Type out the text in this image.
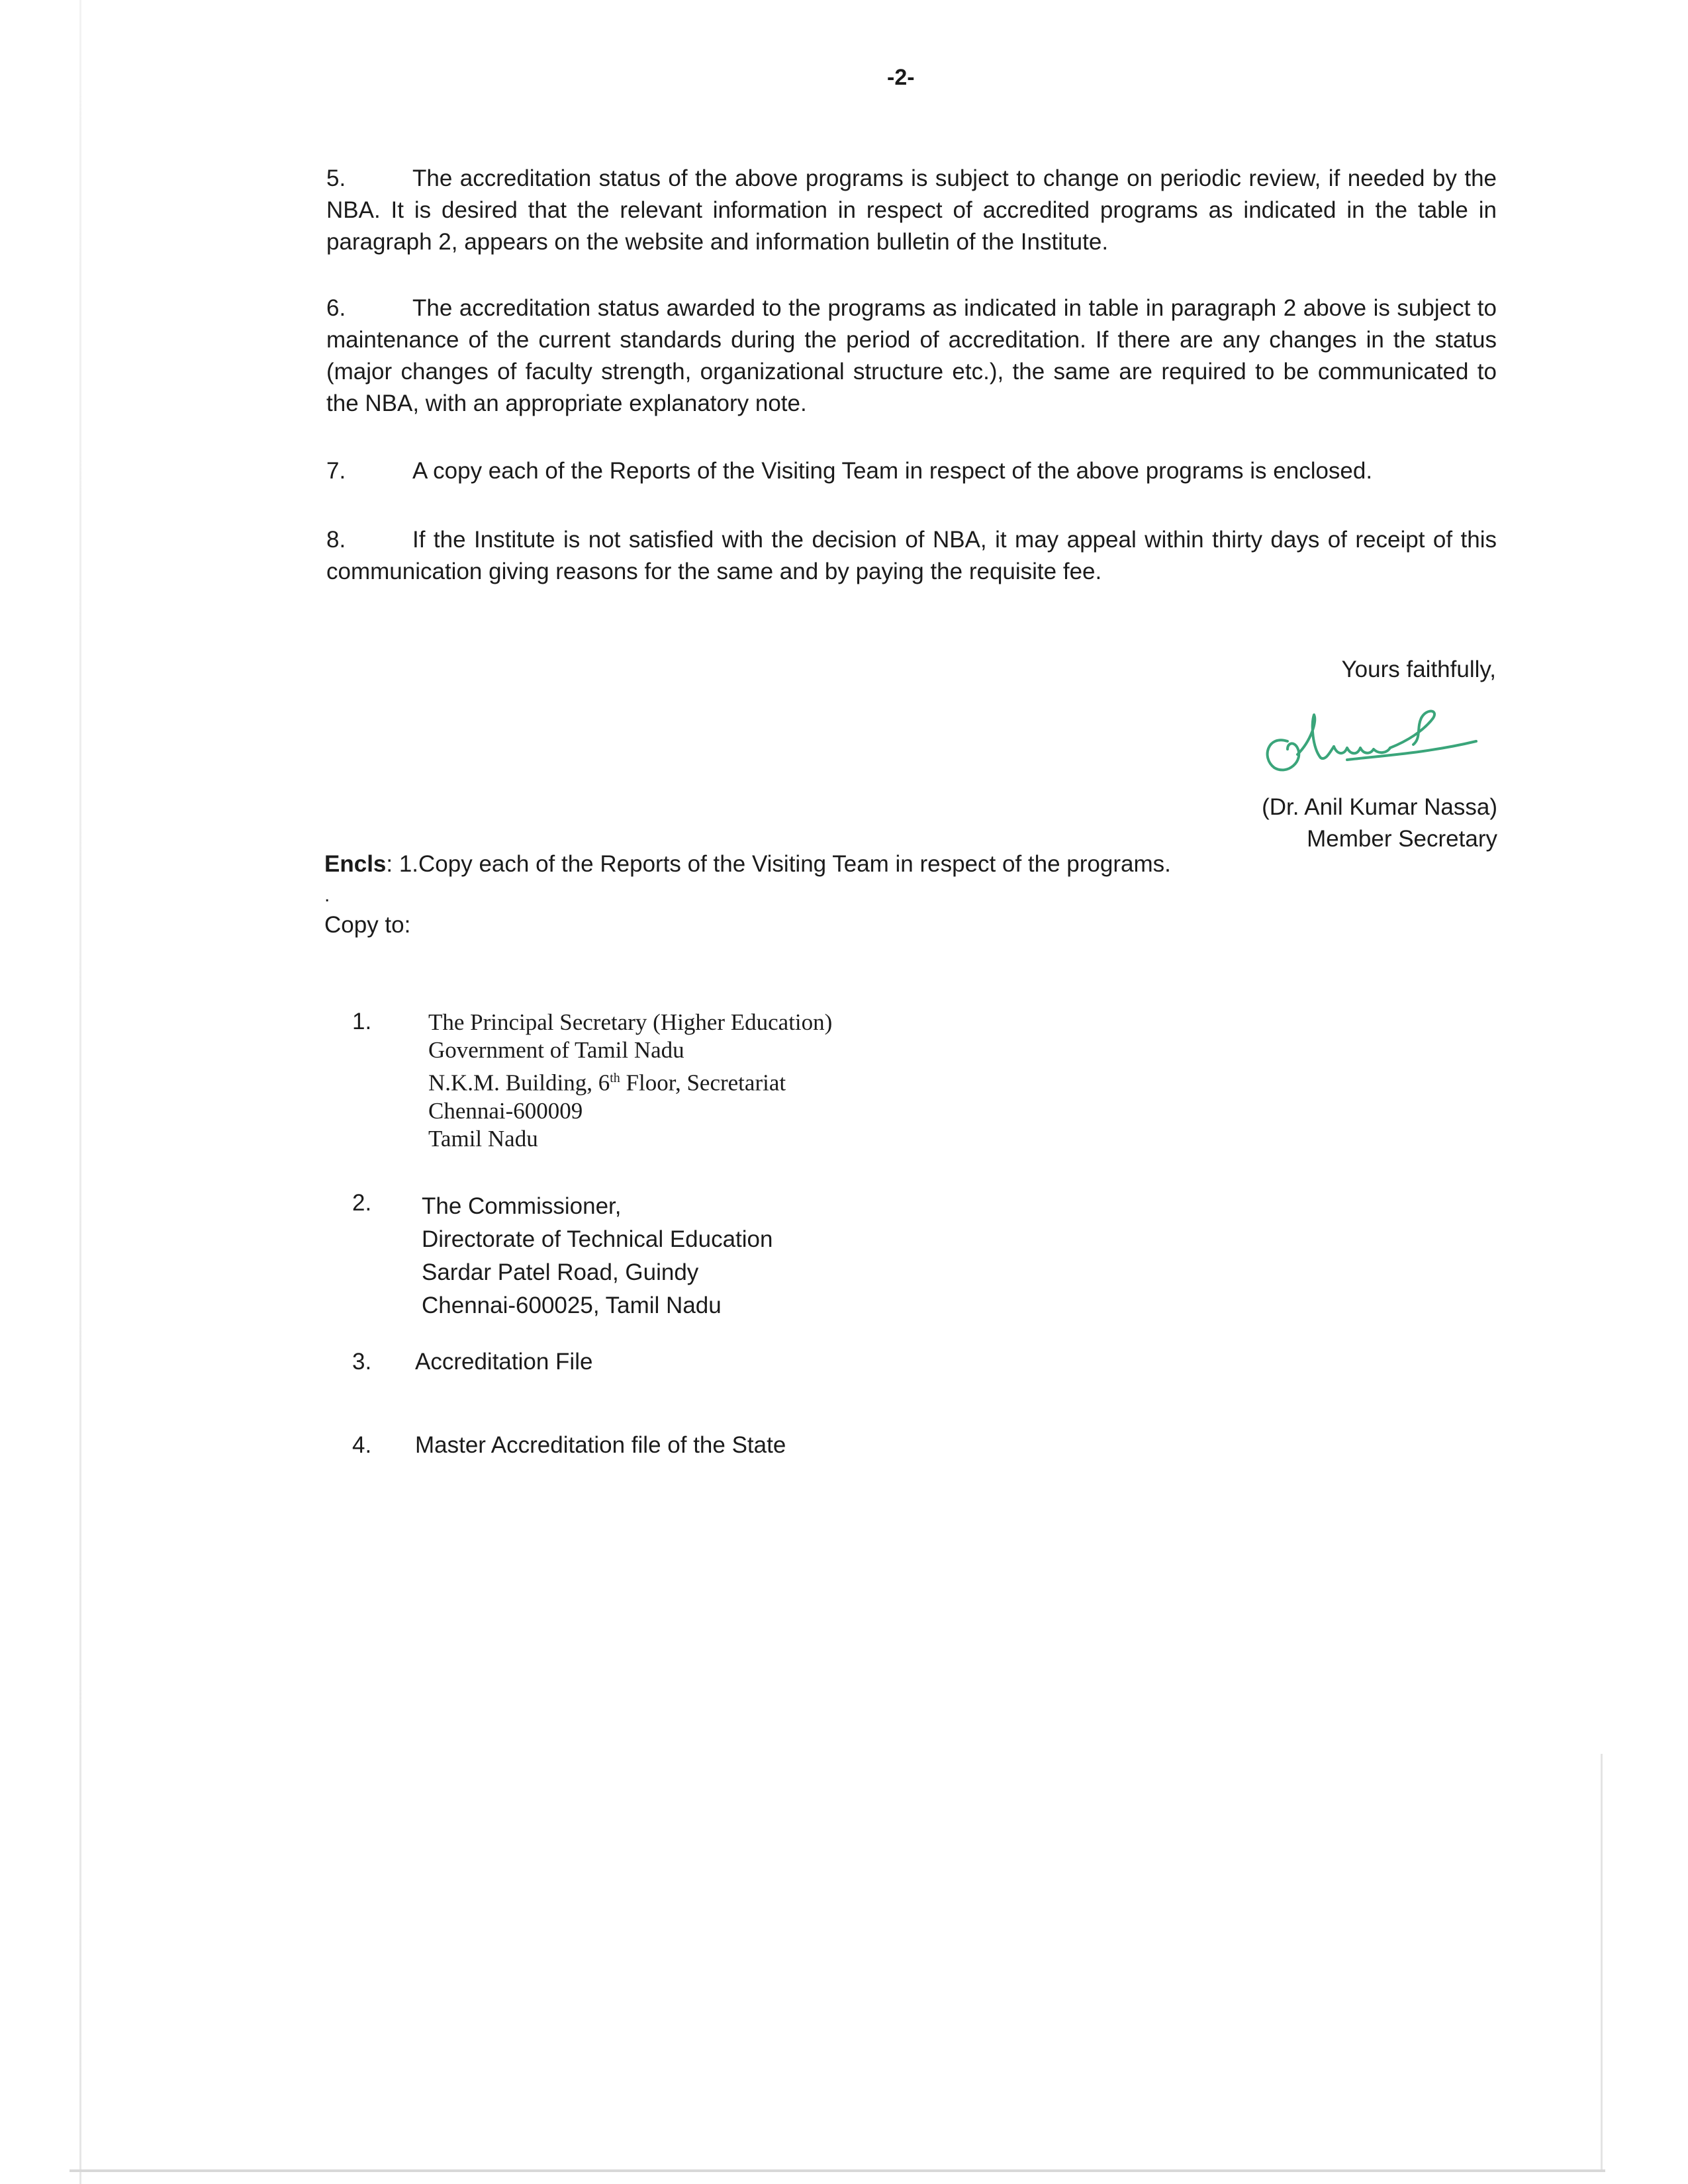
-2-

5.	The accreditation status of the above programs is subject to change on periodic review, if needed by the NBA. It is desired that the relevant information in respect of accredited programs as indicated in the table in paragraph 2, appears on the website and information bulletin of the Institute.

6.	The accreditation status awarded to the programs as indicated in table in paragraph 2 above is subject to maintenance of the current standards during the period of accreditation. If there are any changes in the status (major changes of faculty strength, organizational structure etc.), the same are required to be communicated to the NBA, with an appropriate explanatory note.

7.	A copy each of the Reports of the Visiting Team in respect of the above programs is enclosed.

8.	If the Institute is not satisfied with the decision of NBA, it may appeal within thirty days of receipt of this communication giving reasons for the same and by paying the requisite fee.

Yours faithfully,
(Dr. Anil Kumar Nassa)
Member Secretary
Encls: 1.Copy each of the Reports of the Visiting Team in respect of the programs.
.
Copy to:
1. The Principal Secretary (Higher Education)
Government of Tamil Nadu
N.K.M. Building, 6th Floor, Secretariat
Chennai-600009
Tamil Nadu
2. The Commissioner,
Directorate of Technical Education
Sardar Patel Road, Guindy
Chennai-600025, Tamil Nadu
3. Accreditation File
4. Master Accreditation file of the State
